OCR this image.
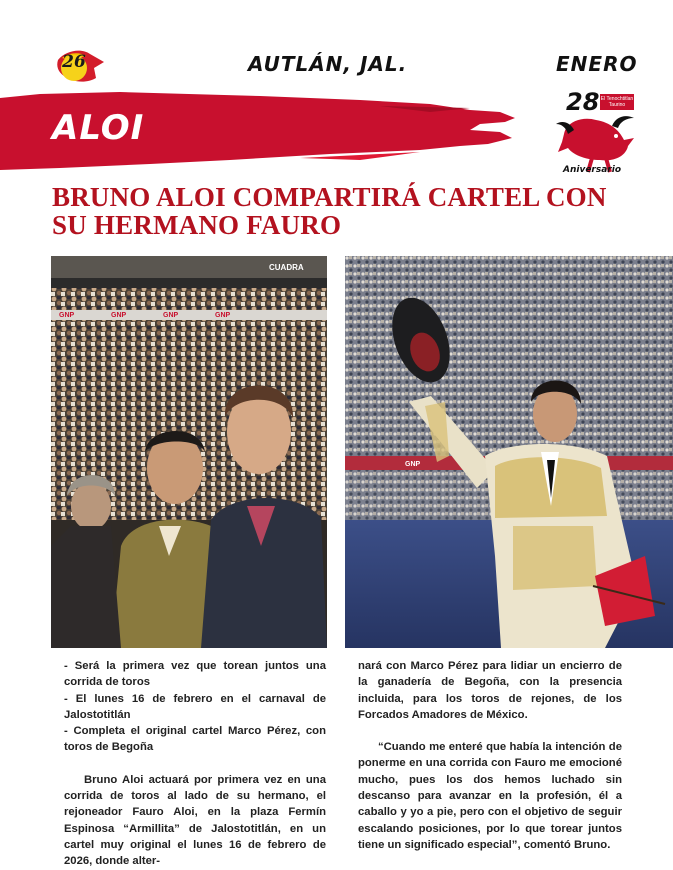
26	AUTLÁN, JAL.	ENERO
ALOI
28 El Tenochtitlan Taurino
Aniversario
BRUNO ALOI COMPARTIRÁ CARTEL CON SU HERMANO FAURO
GNP	GNP	GNP	GNP
CUADRA
GNP

- Será la primera vez que torean juntos una corrida de toros

- El lunes 16 de febrero en el carnaval de Jalostotitlán

- Completa el original cartel Marco Pérez, con toros de Begoña

Bruno Aloi actuará por primera vez en una corrida de toros al lado de su hermano, el rejoneador Fauro Aloi, en la plaza Fermín Espinosa “Armillita” de Jalostotitlán, en un cartel muy original el lunes 16 de febrero de 2026, donde alter-

nará con Marco Pérez para lidiar un encierro de la ganadería de Begoña, con la presencia incluida, para los toros de rejones, de los Forcados Amadores de México.

“Cuando me enteré que había la intención de ponerme en una corrida con Fauro me emocioné mucho, pues los dos hemos luchado sin descanso para avanzar en la profesión, él a caballo y yo a pie, pero con el objetivo de seguir escalando posiciones, por lo que torear juntos tiene un significado especial”, comentó Bruno.
